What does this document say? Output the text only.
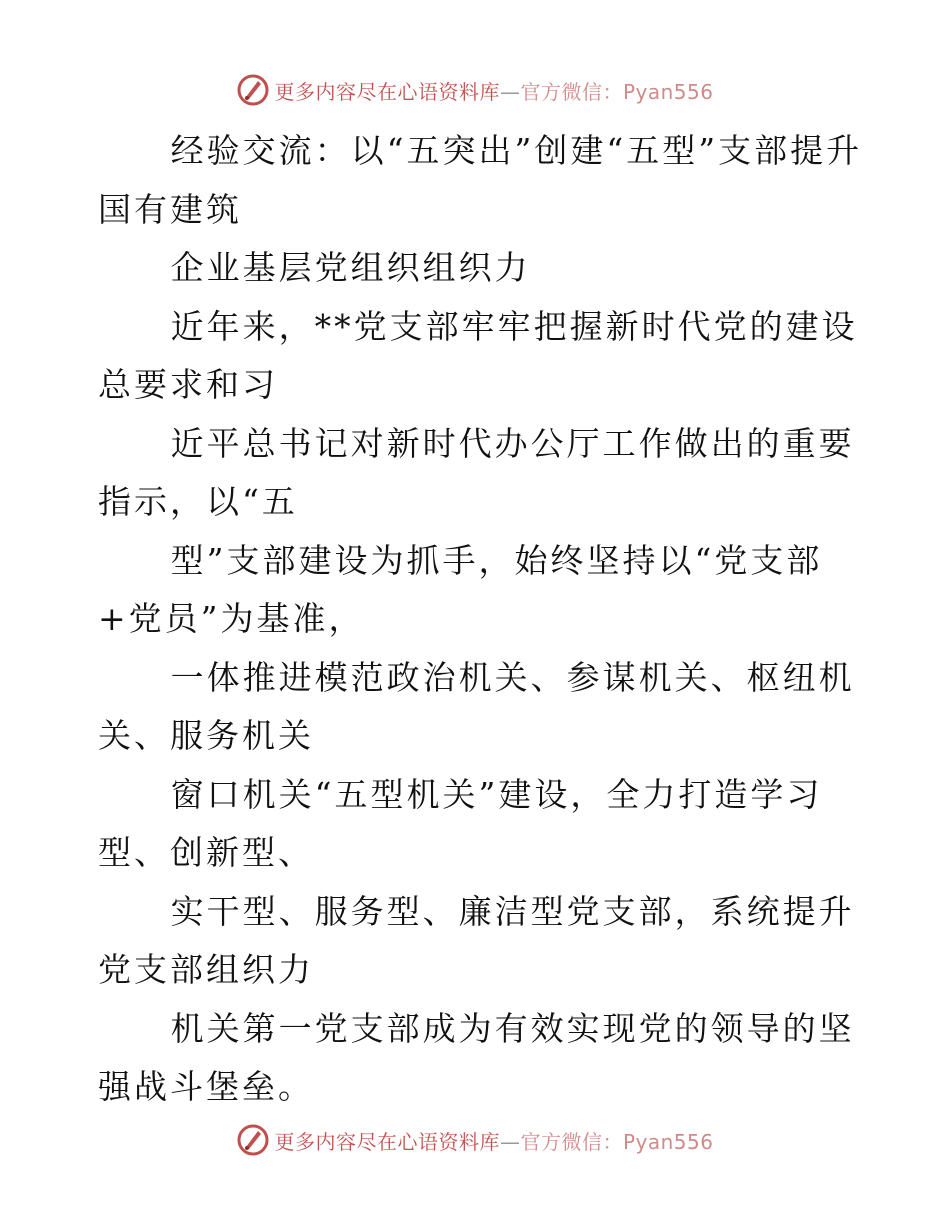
更多内容尽在心语资料库—官方微信：Pyan556

经验交流：以“五突出”创建“五型”支部提升国有建筑

企业基层党组织组织力

近年来，**党支部牢牢把握新时代党的建设总要求和习

近平总书记对新时代办公厅工作做出的重要指示，以“五

型”支部建设为抓手，始终坚持以“党支部+党员”为基准，

一体推进模范政治机关、参谋机关、枢纽机关、服务机关

窗口机关“五型机关”建设，全力打造学习型、创新型、

实干型、服务型、廉洁型党支部，系统提升党支部组织力

机关第一党支部成为有效实现党的领导的坚强战斗堡垒。

更多内容尽在心语资料库—官方微信：Pyan556
